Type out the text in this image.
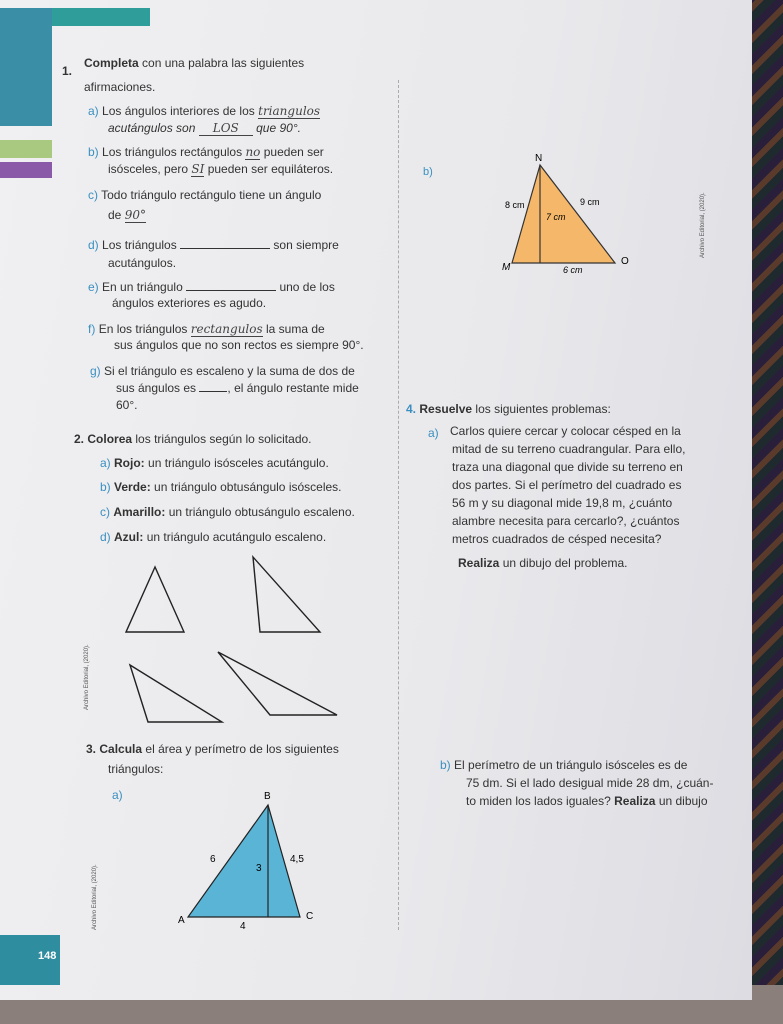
148
1.
Completa con una palabra las siguientes
afirmaciones.
a) Los ángulos interiores de los triangulos
acutángulos son LOS que 90°.
b) Los triángulos rectángulos no pueden ser
isósceles, pero SI pueden ser equiláteros.
c) Todo triángulo rectángulo tiene un ángulo
de 90°
d) Los triángulos	son siempre
acutángulos.
e) En un triángulo	uno de los
ángulos exteriores es agudo.
f) En los triángulos rectangulos la suma de
sus ángulos que no son rectos es siempre 90°.
g) Si el triángulo es escaleno y la suma de dos de
sus ángulos es	, el ángulo restante mide
60°.
b)
N
M
O
8 cm	9 cm
7 cm
6 cm
Archivo Editorial, (2020).
2. Colorea los triángulos según lo solicitado.
a) Rojo: un triángulo isósceles acutángulo.
b) Verde: un triángulo obtusángulo isósceles.
c) Amarillo: un triángulo obtusángulo escaleno.
d) Azul: un triángulo acutángulo escaleno.
Archivo Editorial, (2020).
3. Calcula el área y perímetro de los siguientes
triángulos:
a)	B
A	C
6
3
4,5
4
Archivo Editorial, (2020).
b) El perímetro de un triángulo isósceles es de
75 dm. Si el lado desigual mide 28 dm, ¿cuán-
to miden los lados iguales? Realiza un dibujo
4. Resuelve los siguientes problemas:
a) Carlos quiere cercar y colocar césped en la
mitad de su terreno cuadrangular. Para ello,
traza una diagonal que divide su terreno en
dos partes. Si el perímetro del cuadrado es
56 m y su diagonal mide 19,8 m, ¿cuánto
alambre necesita para cercarlo?, ¿cuántos
metros cuadrados de césped necesita?
Realiza un dibujo del problema.
